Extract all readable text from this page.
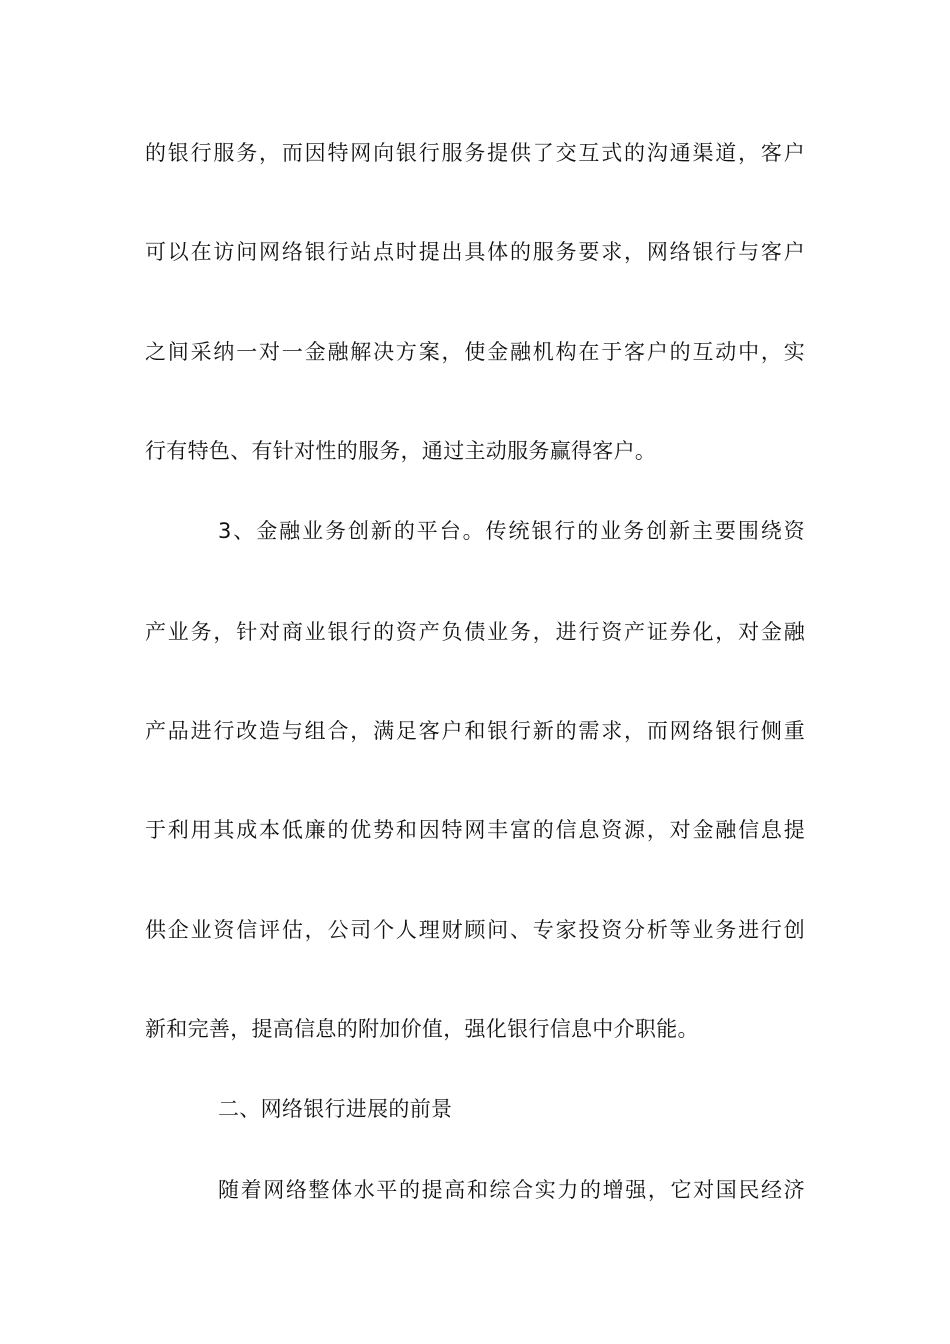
的银行服务，而因特网向银行服务提供了交互式的沟通渠道，客户
可以在访问网络银行站点时提出具体的服务要求，网络银行与客户
之间采纳一对一金融解决方案，使金融机构在于客户的互动中，实
行有特色、有针对性的服务，通过主动服务赢得客户。
3、金融业务创新的平台。传统银行的业务创新主要围绕资
产业务，针对商业银行的资产负债业务，进行资产证券化，对金融
产品进行改造与组合，满足客户和银行新的需求，而网络银行侧重
于利用其成本低廉的优势和因特网丰富的信息资源，对金融信息提
供企业资信评估，公司个人理财顾问、专家投资分析等业务进行创
新和完善，提高信息的附加价值，强化银行信息中介职能。
二、网络银行进展的前景
随着网络整体水平的提高和综合实力的增强，它对国民经济
